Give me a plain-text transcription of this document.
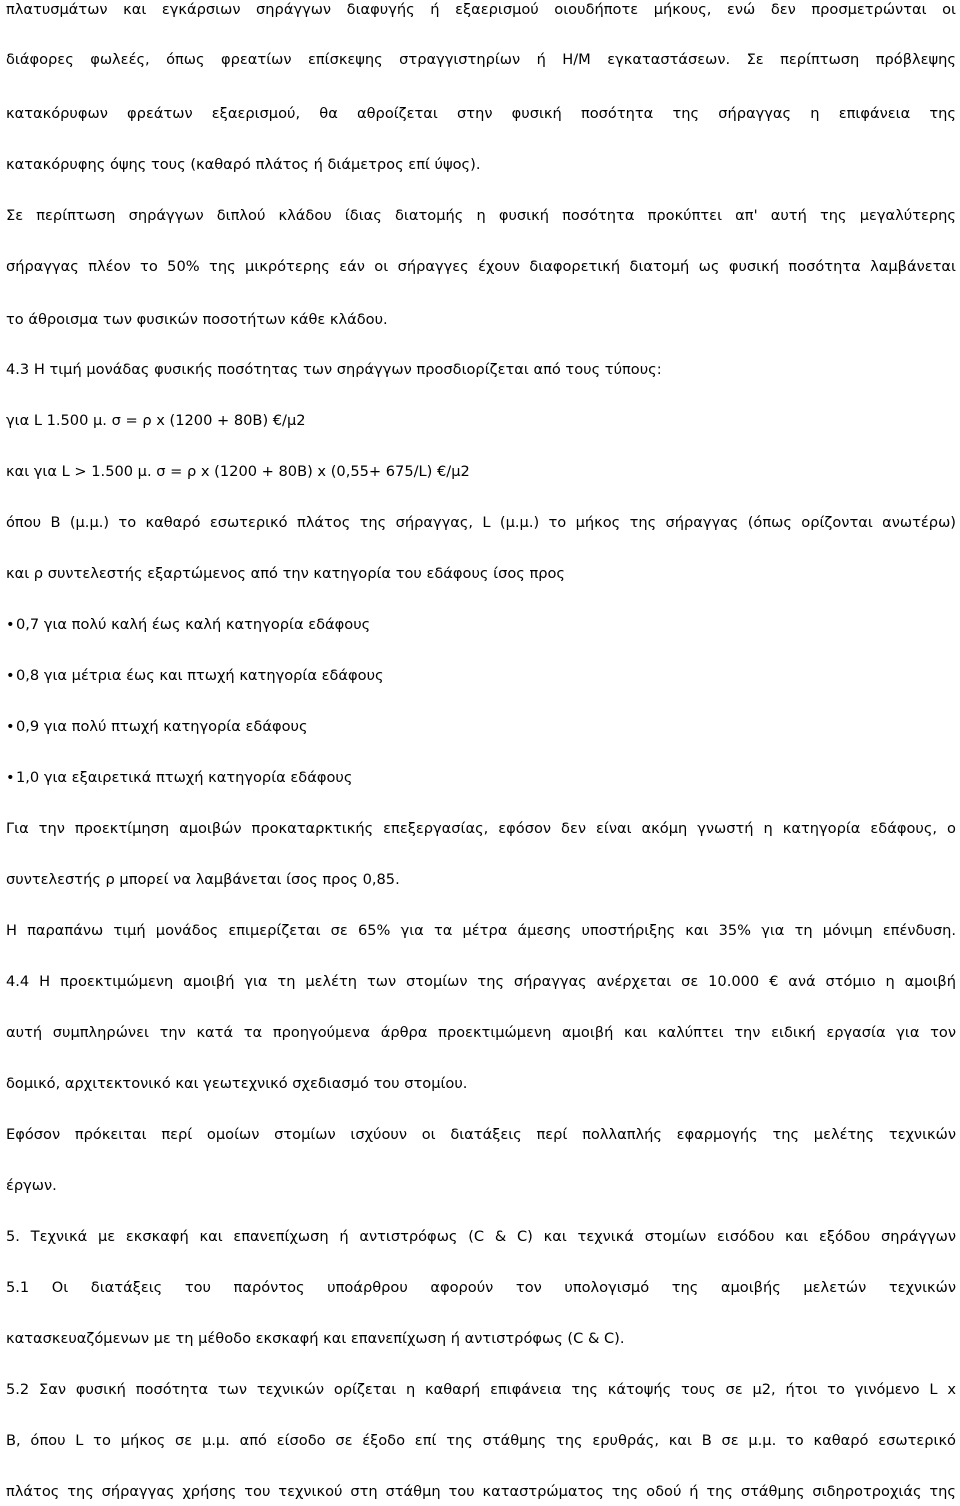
πλατυσμάτων και εγκάρσιων σηράγγων διαφυγής ή εξαερισμού οιουδήποτε μήκους, ενώ δεν προσμετρώνται οι
διάφορες φωλεές, όπως φρεατίων επίσκεψης στραγγιστηρίων ή Η/Μ εγκαταστάσεων. Σε περίπτωση πρόβλεψης
κατακόρυφων φρεάτων εξαερισμού, θα αθροίζεται στην φυσική ποσότητα της σήραγγας η επιφάνεια της
κατακόρυφης όψης τους (καθαρό πλάτος ή διάμετρος επί ύψος).
Σε περίπτωση σηράγγων διπλού κλάδου ίδιας διατομής η φυσική ποσότητα προκύπτει απ' αυτή της μεγαλύτερης
σήραγγας πλέον το 50% της μικρότερης εάν οι σήραγγες έχουν διαφορετική διατομή ως φυσική ποσότητα λαμβάνεται
το άθροισμα των φυσικών ποσοτήτων κάθε κλάδου.
4.3 Η τιμή μονάδας φυσικής ποσότητας των σηράγγων προσδιορίζεται από τους τύπους:
για L 1.500 μ. σ = ρ x (1200 + 80B) €/μ2
και για L > 1.500 μ. σ = ρ x (1200 + 80B) x (0,55+ 675/L) €/μ2
όπου B (μ.μ.) το καθαρό εσωτερικό πλάτος της σήραγγας, L (μ.μ.) το μήκος της σήραγγας (όπως ορίζονται ανωτέρω)
και ρ συντελεστής εξαρτώμενος από την κατηγορία του εδάφους ίσος προς
•0,7 για πολύ καλή έως καλή κατηγορία εδάφους
•0,8 για μέτρια έως και πτωχή κατηγορία εδάφους
•0,9 για πολύ πτωχή κατηγορία εδάφους
•1,0 για εξαιρετικά πτωχή κατηγορία εδάφους
Για την προεκτίμηση αμοιβών προκαταρκτικής επεξεργασίας, εφόσον δεν είναι ακόμη γνωστή η κατηγορία εδάφους, ο
συντελεστής ρ μπορεί να λαμβάνεται ίσος προς 0,85.
Η παραπάνω τιμή μονάδος επιμερίζεται σε 65% για τα μέτρα άμεσης υποστήριξης και 35% για τη μόνιμη επένδυση.
4.4 Η προεκτιμώμενη αμοιβή για τη μελέτη των στομίων της σήραγγας ανέρχεται σε 10.000 € ανά στόμιο η αμοιβή
αυτή συμπληρώνει την κατά τα προηγούμενα άρθρα προεκτιμώμενη αμοιβή και καλύπτει την ειδική εργασία για τον
δομικό, αρχιτεκτονικό και γεωτεχνικό σχεδιασμό του στομίου.
Εφόσον πρόκειται περί ομοίων στομίων ισχύουν οι διατάξεις περί πολλαπλής εφαρμογής της μελέτης τεχνικών
έργων.
5. Τεχνικά με εκσκαφή και επανεπίχωση ή αντιστρόφως (C & C) και τεχνικά στομίων εισόδου και εξόδου σηράγγων
5.1 Οι διατάξεις του παρόντος υποάρθρου αφορούν τον υπολογισμό της αμοιβής μελετών τεχνικών
κατασκευαζόμενων με τη μέθοδο εκσκαφή και επανεπίχωση ή αντιστρόφως (C & C).
5.2 Σαν φυσική ποσότητα των τεχνικών ορίζεται η καθαρή επιφάνεια της κάτοψής τους σε μ2, ήτοι το γινόμενο L x
B, όπου L το μήκος σε μ.μ. από είσοδο σε έξοδο επί της στάθμης της ερυθράς, και B σε μ.μ. το καθαρό εσωτερικό
πλάτος της σήραγγας χρήσης του τεχνικού στη στάθμη του καταστρώματος της οδού ή της στάθμης σιδηροτροχιάς της
